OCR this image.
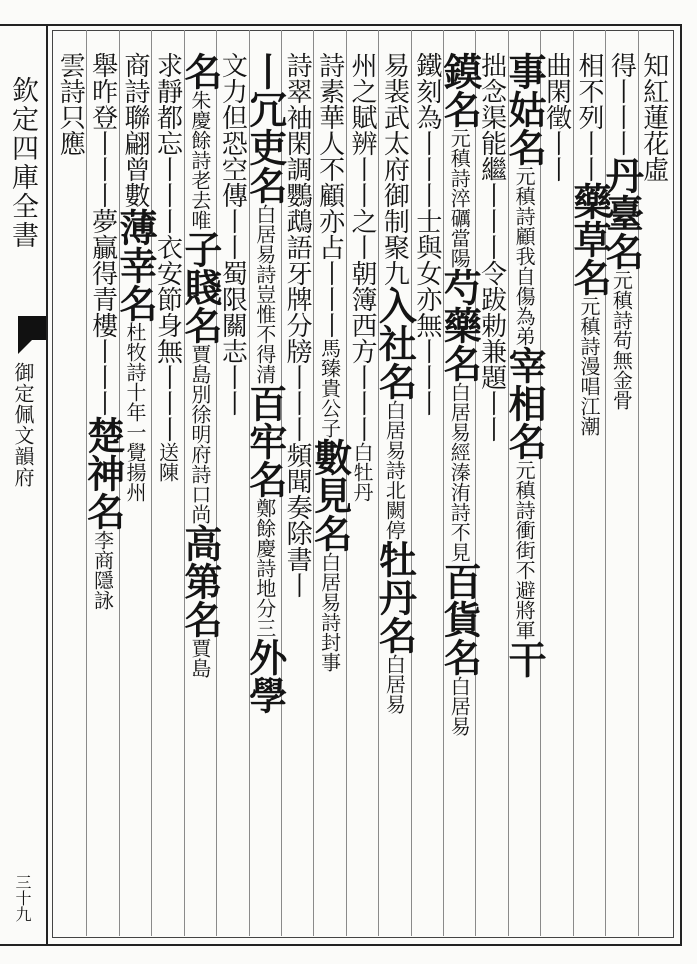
欽定四庫全書
御定佩文韻府
三十九
知紅蓮花虛
得丨丨丨丹臺名元稹詩苟無金骨
相不列丨丨藥草名元稹詩漫唱江潮
曲閑徵丨丨
事姑名元稹詩顧我自傷為弟宰相名元稹詩衝街不避將軍干
拙念渠能繼丨丨丨令跋勅兼題丨丨
鏌名元稹詩淬礪當陽芍藥名白居易經溱洧詩不見百貨名白居易
鐵刻為丨丨丨士與女亦無丨丨丨
易裴武太府御制聚九入社名白居易詩北闕停牡丹名白居易
州之賦辨丨丨之丨朝簿西方丨丨丨白牡丹
詩素華人不顧亦占丨丨丨馬臻貴公子數見名白居易詩封事
詩翠袖閑調鸚鵡語牙牌分牓丨丨丨頻聞奏除書丨
丨冗吏名白居易詩豈惟不得清百牢名鄭餘慶詩地分三外學
文力但恐空傳丨丨蜀限關志丨丨
名朱慶餘詩老去唯子賤名賈島別徐明府詩口尚高第名賈島
求靜都忘丨丨丨衣安節身無丨丨丨送陳
商詩聯翩曾數薄幸名杜牧詩十年一覺揚州
舉昨登丨丨丨夢贏得青樓丨丨丨楚神名李商隱詠
雲詩只應
